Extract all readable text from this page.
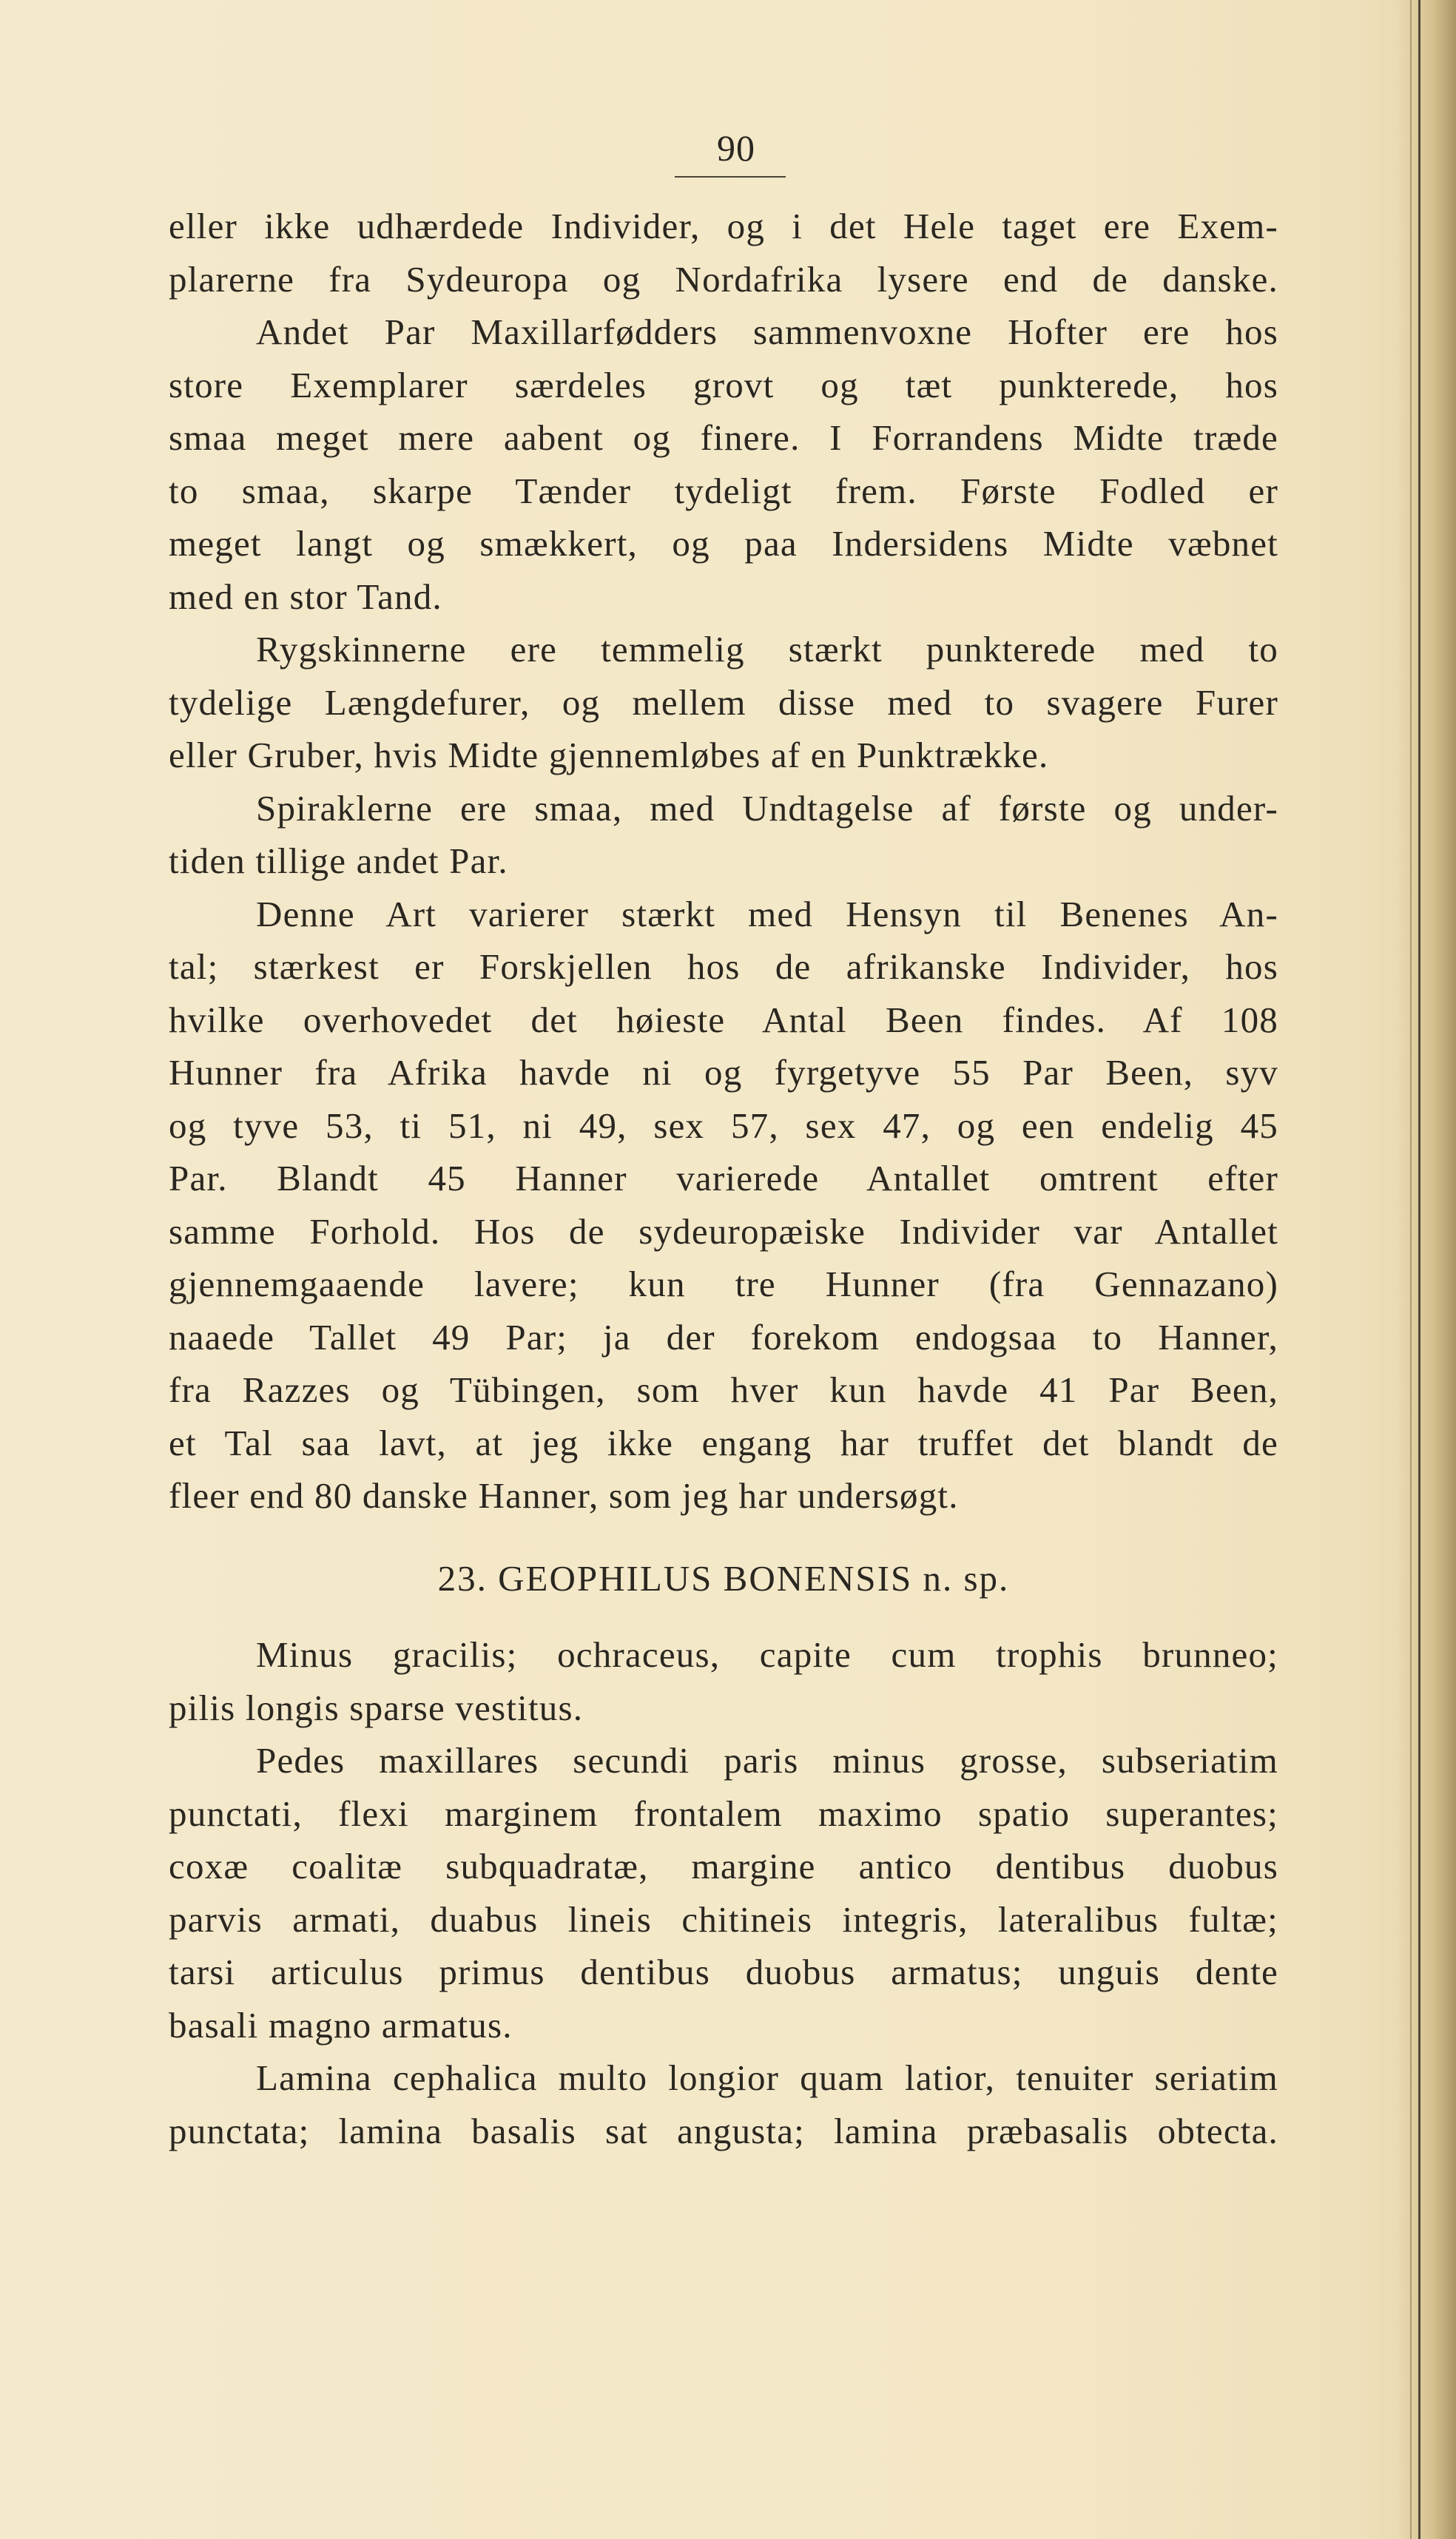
90
eller ikke udhærdede Individer, og i det Hele taget ere Exem-
plarerne fra Sydeuropa og Nordafrika lysere end de danske.
Andet Par Maxillarfødders sammenvoxne Hofter ere hos
store Exemplarer særdeles grovt og tæt punkterede, hos
smaa meget mere aabent og finere. I Forrandens Midte træde
to smaa, skarpe Tænder tydeligt frem. Første Fodled er
meget langt og smækkert, og paa Indersidens Midte væbnet
med en stor Tand.
Rygskinnerne ere temmelig stærkt punkterede med to
tydelige Længdefurer, og mellem disse med to svagere Furer
eller Gruber, hvis Midte gjennemløbes af en Punktrække.
Spiraklerne ere smaa, med Undtagelse af første og under-
tiden tillige andet Par.
Denne Art varierer stærkt med Hensyn til Benenes An-
tal; stærkest er Forskjellen hos de afrikanske Individer, hos
hvilke overhovedet det høieste Antal Been findes. Af 108
Hunner fra Afrika havde ni og fyrgetyve 55 Par Been, syv
og tyve 53, ti 51, ni 49, sex 57, sex 47, og een endelig 45
Par. Blandt 45 Hanner varierede Antallet omtrent efter
samme Forhold. Hos de sydeuropæiske Individer var Antallet
gjennemgaaende lavere; kun tre Hunner (fra Gennazano)
naaede Tallet 49 Par; ja der forekom endogsaa to Hanner,
fra Razzes og Tübingen, som hver kun havde 41 Par Been,
et Tal saa lavt, at jeg ikke engang har truffet det blandt de
fleer end 80 danske Hanner, som jeg har undersøgt.
23. GEOPHILUS BONENSIS n. sp.
Minus gracilis; ochraceus, capite cum trophis brunneo;
pilis longis sparse vestitus.
Pedes maxillares secundi paris minus grosse, subseriatim
punctati, flexi marginem frontalem maximo spatio superantes;
coxæ coalitæ subquadratæ, margine antico dentibus duobus
parvis armati, duabus lineis chitineis integris, lateralibus fultæ;
tarsi articulus primus dentibus duobus armatus; unguis dente
basali magno armatus.
Lamina cephalica multo longior quam latior, tenuiter seriatim
punctata; lamina basalis sat angusta; lamina præbasalis obtecta.
